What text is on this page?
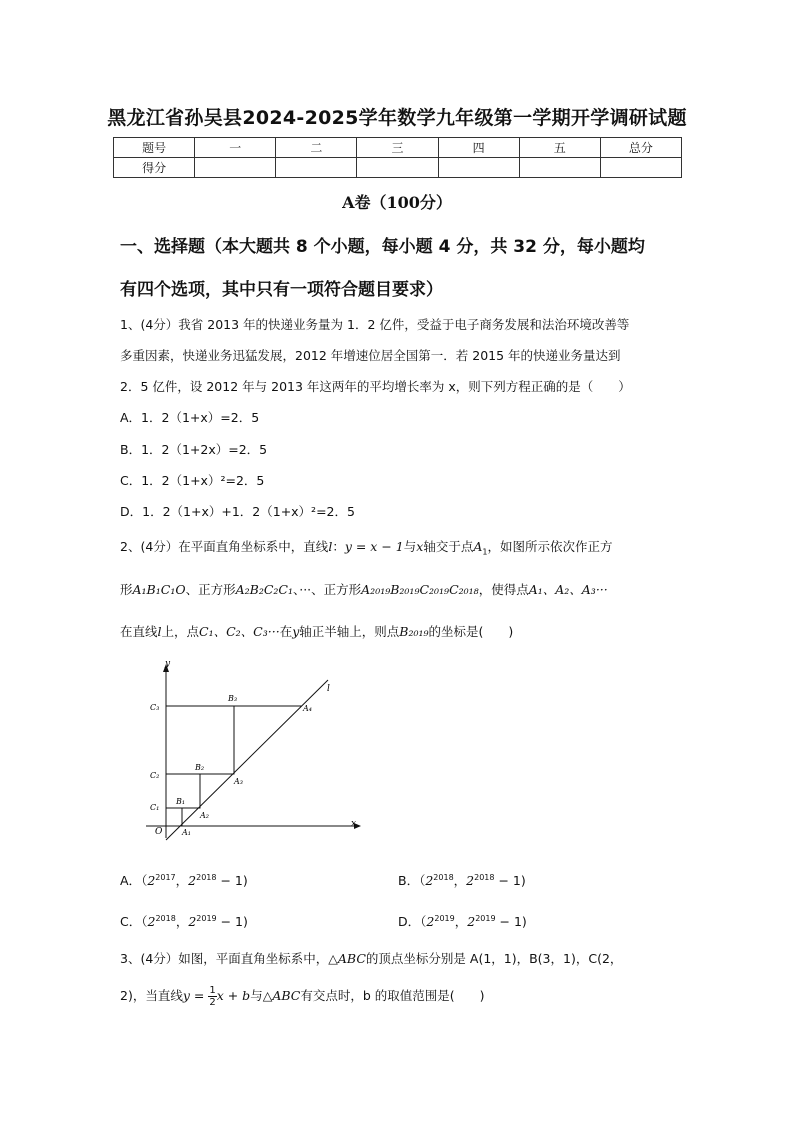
黑龙江省孙吴县2024-2025学年数学九年级第一学期开学调研试题
题号	一	二	三	四	五	总分
得分						
A卷（100分）
一、选择题（本大题共 8 个小题，每小题 4 分，共 32 分，每小题均
有四个选项，其中只有一项符合题目要求）
1、(4分）我省 2013 年的快递业务量为 1．2 亿件，受益于电子商务发展和法治环境改善等
多重因素，快递业务迅猛发展，2012 年增速位居全国第一．若 2015 年的快递业务量达到
2．5 亿件，设 2012 年与 2013 年这两年的平均增长率为 x，则下列方程正确的是（　　）
A．1．2（1+x）=2．5
B．1．2（1+2x）=2．5
C．1．2（1+x）²=2．5
D．1．2（1+x）+1．2（1+x）²=2．5
2、(4分）在平面直角坐标系中，直线l：y = x − 1与x轴交于点$A_1$，如图所示依次作正方
形A₁B₁C₁O、正方形A₂B₂C₂C₁、···、正方形A₂₀₁₉B₂₀₁₉C₂₀₁₉C₂₀₁₈，使得点A₁、A₂、A₃···
在直线l上，点C₁、C₂、C₃···在y轴正半轴上，则点B₂₀₁₉的坐标是(　　)
y
x
l
O
C₁
C₂
C₃
B₁
B₂
B₃
A₁
A₂
A₃
A₄
A．（$2^{2017}$，$2^{2018} - 1$)	B．（$2^{2018}$，$2^{2018} - 1$)
C．（$2^{2018}$，$2^{2019} - 1$)	D．（$2^{2019}$，$2^{2019} - 1$)
3、(4分）如图，平面直角坐标系中，△ABC的顶点坐标分别是 A(1，1)，B(3，1)，C(2，
2)，当直线$y = \frac{1}{2}$ x + b与△ABC有交点时，b 的取值范围是(　　)
